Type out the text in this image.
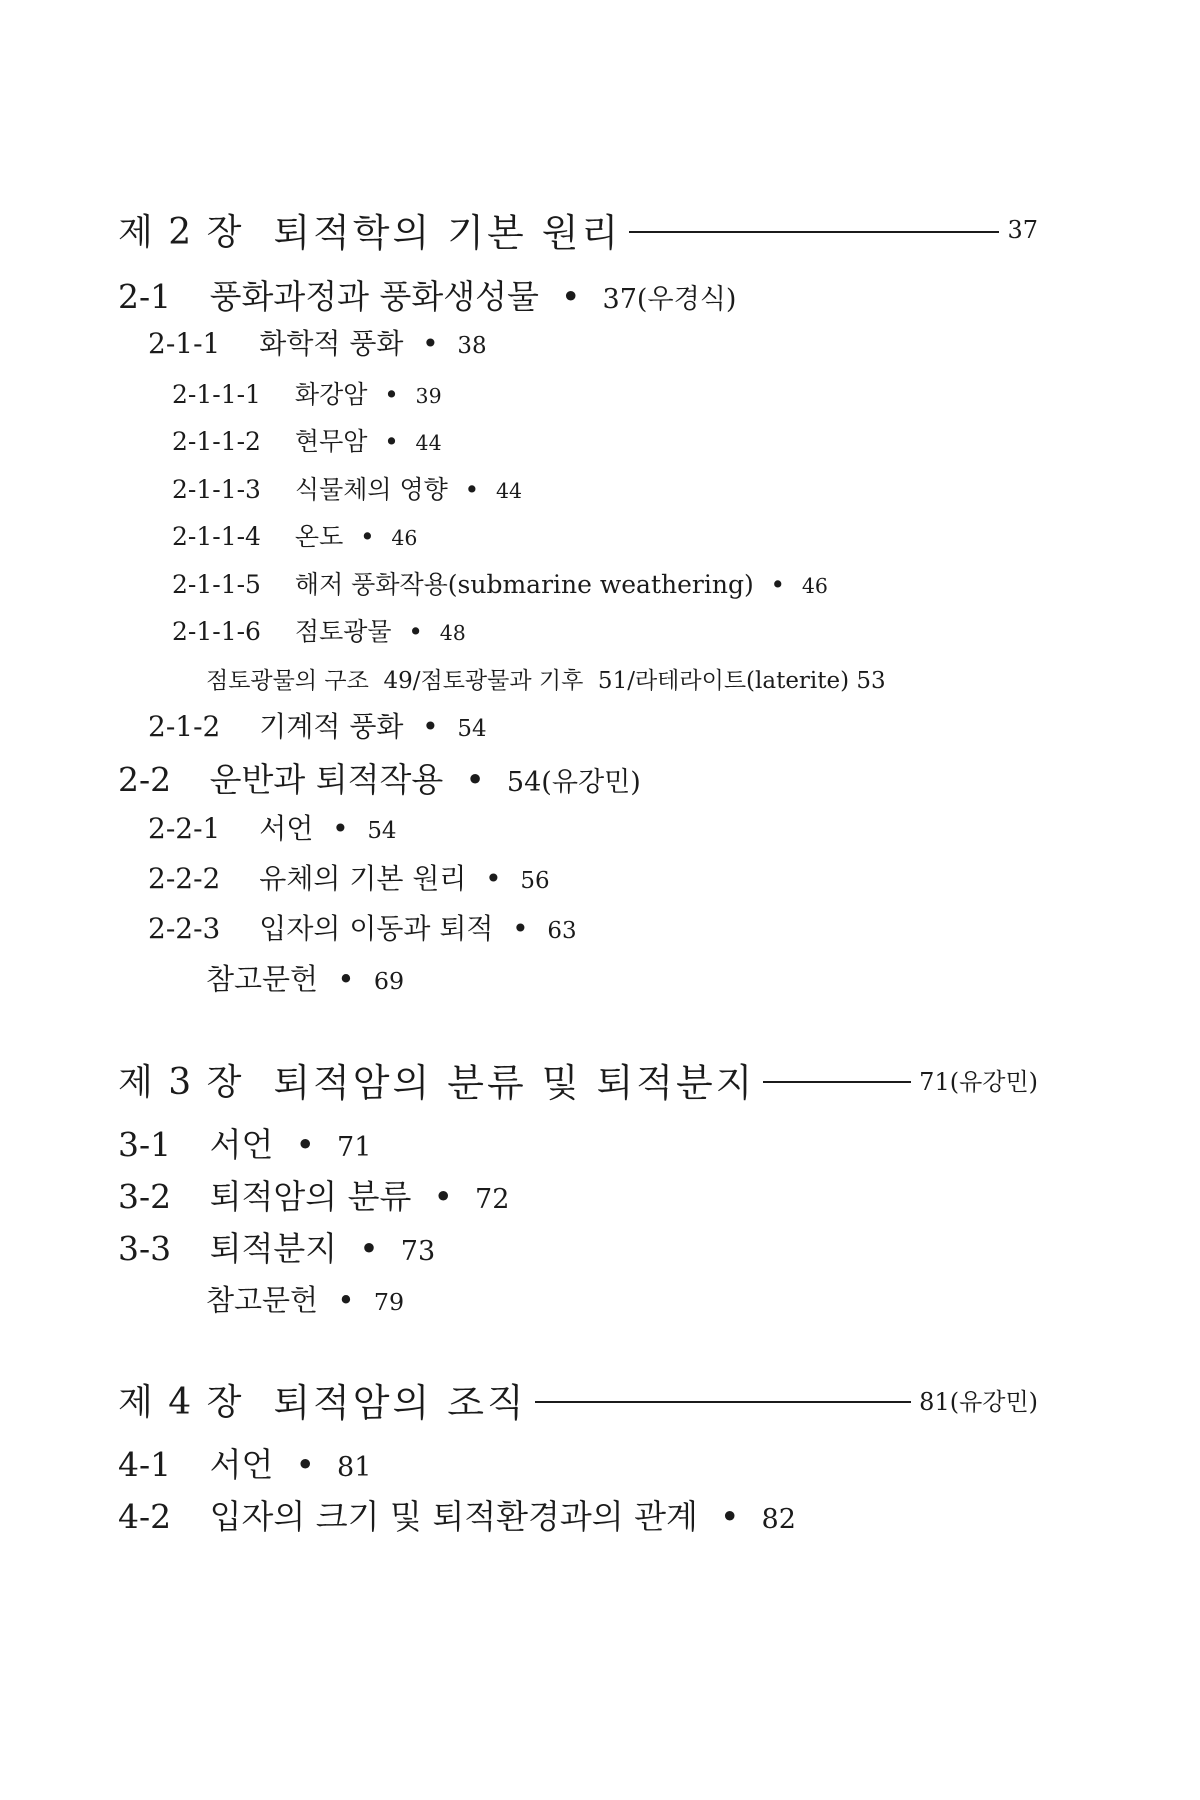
제 2 장 퇴적학의 기본 원리	37
2-1 풍화과정과 풍화생성물 • 37(우경식)
2-1-1 화학적 풍화 • 38
2-1-1-1 화강암 • 39
2-1-1-2 현무암 • 44
2-1-1-3 식물체의 영향 • 44
2-1-1-4 온도 • 46
2-1-1-5 해저 풍화작용(submarine weathering) • 46
2-1-1-6 점토광물 • 48
점토광물의 구조  49/점토광물과 기후  51/라테라이트(laterite) 53
2-1-2 기계적 풍화 • 54
2-2 운반과 퇴적작용 • 54(유강민)
2-2-1 서언 • 54
2-2-2 유체의 기본 원리 • 56
2-2-3 입자의 이동과 퇴적 • 63
참고문헌 • 69
제 3 장 퇴적암의 분류 및 퇴적분지	71(유강민)
3-1 서언 • 71
3-2 퇴적암의 분류 • 72
3-3 퇴적분지 • 73
참고문헌 • 79
제 4 장 퇴적암의 조직	81(유강민)
4-1 서언 • 81
4-2 입자의 크기 및 퇴적환경과의 관계 • 82
